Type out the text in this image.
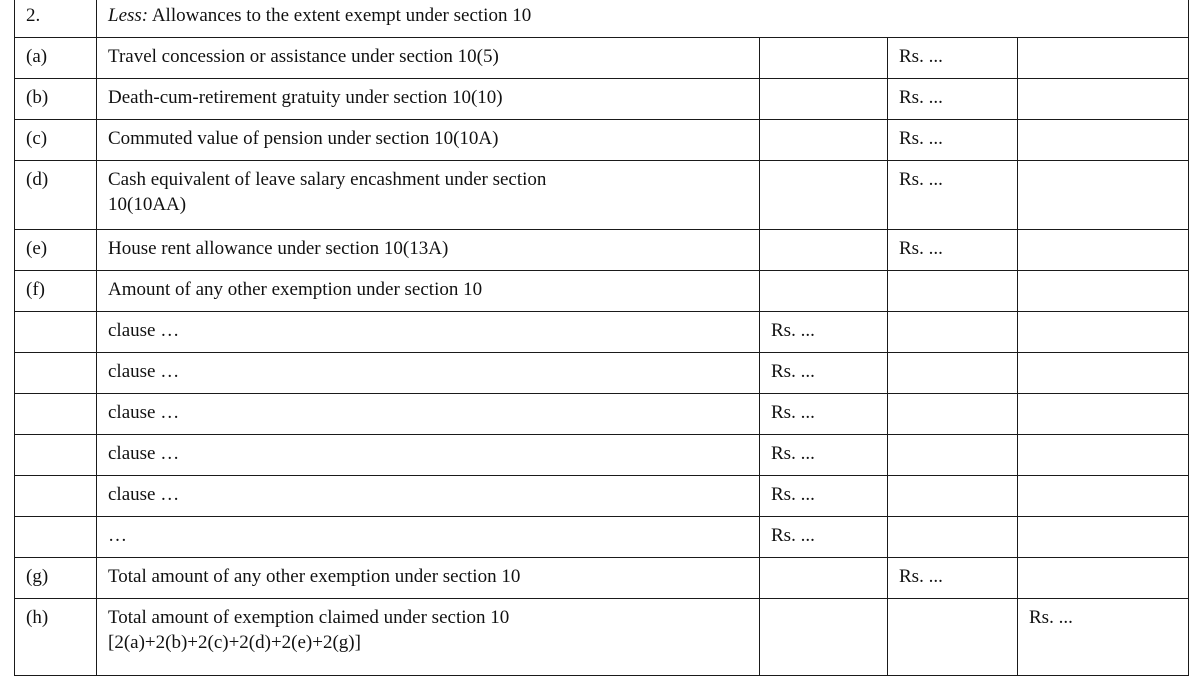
2.	Less: Allowances to the extent exempt under section 10			
(a)	Travel concession or assistance under section 10(5)		Rs. ...	
(b)	Death-cum-retirement gratuity under section 10(10)		Rs. ...	
(c)	Commuted value of pension under section 10(10A)		Rs. ...	
(d)	Cash equivalent of leave salary encashment under section
10(10AA)		Rs. ...	
(e)	House rent allowance under section 10(13A)		Rs. ...	
(f)	Amount of any other exemption under section 10			

	clause …	Rs. ...		

	clause …	Rs. ...		

	clause …	Rs. ...		

	clause …	Rs. ...		

	clause …	Rs. ...		

	…	Rs. ...		
(g)	Total amount of any other exemption under section 10		Rs. ...	
(h)	Total amount of exemption claimed under section 10
[2(a)+2(b)+2(c)+2(d)+2(e)+2(g)]			Rs. ...
